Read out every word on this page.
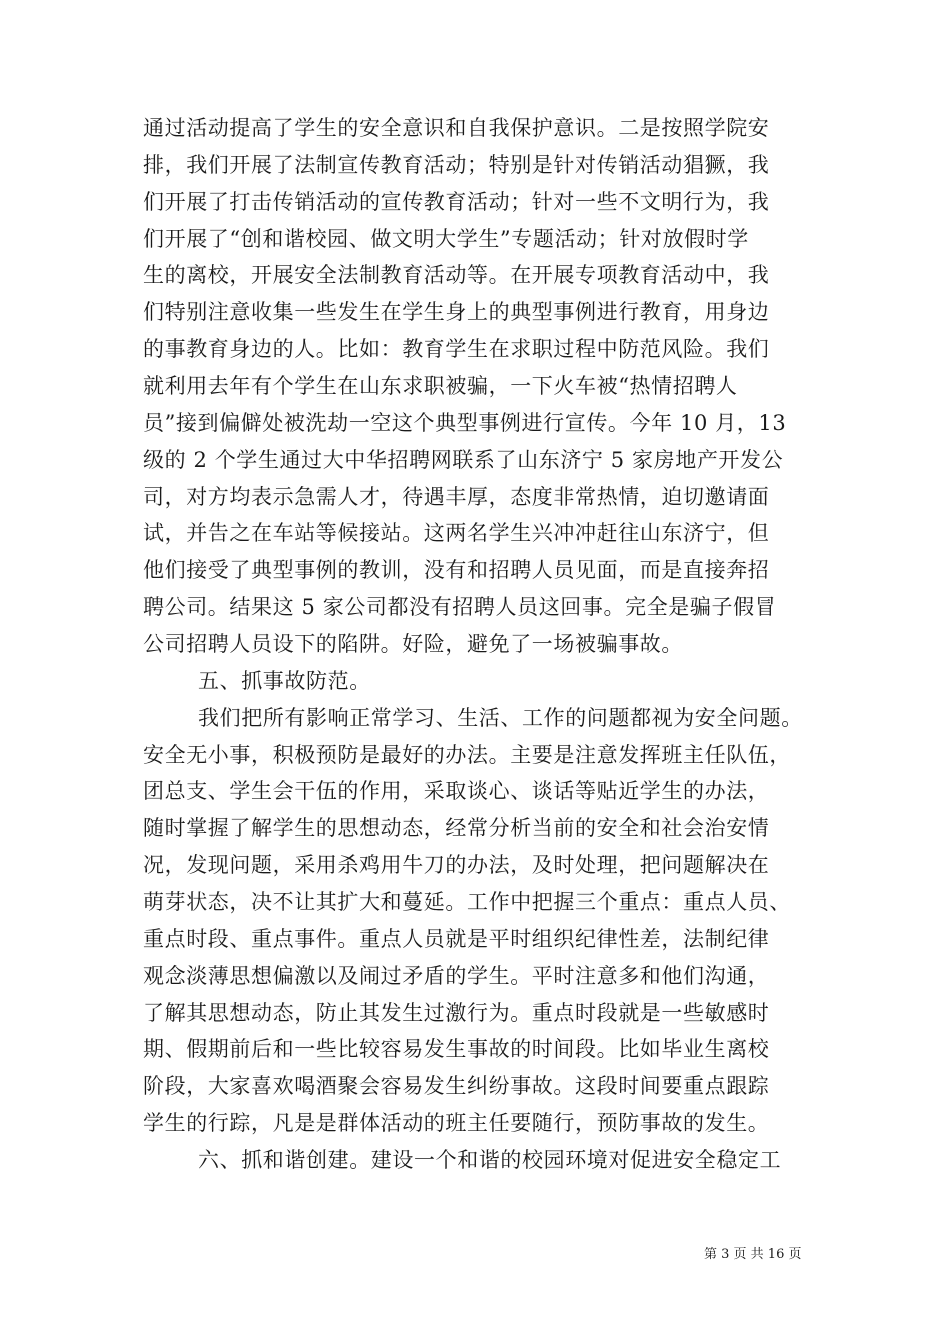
通过活动提高了学生的安全意识和自我保护意识。二是按照学院安
排，我们开展了法制宣传教育活动；特别是针对传销活动猖獗，我
们开展了打击传销活动的宣传教育活动；针对一些不文明行为，我
们开展了“创和谐校园、做文明大学生”专题活动；针对放假时学
生的离校，开展安全法制教育活动等。在开展专项教育活动中，我
们特别注意收集一些发生在学生身上的典型事例进行教育，用身边
的事教育身边的人。比如：教育学生在求职过程中防范风险。我们
就利用去年有个学生在山东求职被骗，一下火车被“热情招聘人
员”接到偏僻处被洗劫一空这个典型事例进行宣传。今年 10 月，13
级的 2 个学生通过大中华招聘网联系了山东济宁 5 家房地产开发公
司，对方均表示急需人才，待遇丰厚，态度非常热情，迫切邀请面
试，并告之在车站等候接站。这两名学生兴冲冲赶往山东济宁，但
他们接受了典型事例的教训，没有和招聘人员见面，而是直接奔招
聘公司。结果这 5 家公司都没有招聘人员这回事。完全是骗子假冒
公司招聘人员设下的陷阱。好险，避免了一场被骗事故。
五、抓事故防范。
我们把所有影响正常学习、生活、工作的问题都视为安全问题。
安全无小事，积极预防是最好的办法。主要是注意发挥班主任队伍，
团总支、学生会干伍的作用，采取谈心、谈话等贴近学生的办法，
随时掌握了解学生的思想动态，经常分析当前的安全和社会治安情
况，发现问题，采用杀鸡用牛刀的办法，及时处理，把问题解决在
萌芽状态，决不让其扩大和蔓延。工作中把握三个重点：重点人员、
重点时段、重点事件。重点人员就是平时组织纪律性差，法制纪律
观念淡薄思想偏激以及闹过矛盾的学生。平时注意多和他们沟通，
了解其思想动态，防止其发生过激行为。重点时段就是一些敏感时
期、假期前后和一些比较容易发生事故的时间段。比如毕业生离校
阶段，大家喜欢喝酒聚会容易发生纠纷事故。这段时间要重点跟踪
学生的行踪，凡是是群体活动的班主任要随行，预防事故的发生。
六、抓和谐创建。建设一个和谐的校园环境对促进安全稳定工
第 3 页 共 16 页
